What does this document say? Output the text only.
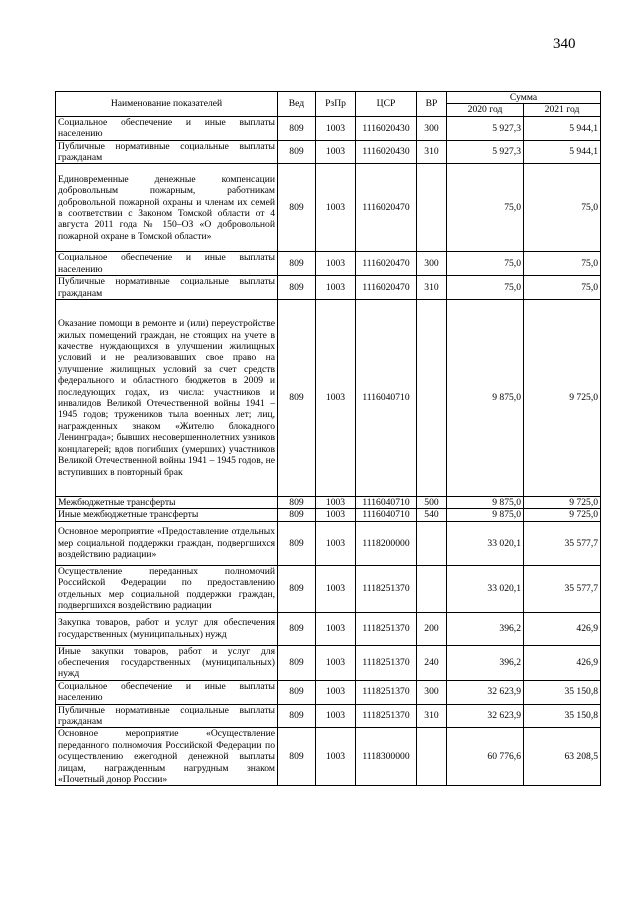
340
Наименование показателей	Вед	РзПр	ЦСР	ВР	Сумма	
					2020 год	2021 год
Социальное обеспечение и иные выплаты населению	809	1003	1116020430	300	5 927,3	5 944,1
Публичные нормативные социальные выплаты гражданам	809	1003	1116020430	310	5 927,3	5 944,1
Единовременные денежные компенсации добровольным пожарным, работникам добровольной пожарной охраны и членам их семей в соответствии с Законом Томской области от 4 августа 2011 года № 150–ОЗ «О добровольной пожарной охране в Томской области»	809	1003	1116020470		75,0	75,0
Социальное обеспечение и иные выплаты населению	809	1003	1116020470	300	75,0	75,0
Публичные нормативные социальные выплаты гражданам	809	1003	1116020470	310	75,0	75,0
Оказание помощи в ремонте и (или) переустройстве жилых помещений граждан, не стоящих на учете в качестве нуждающихся в улучшении жилищных условий и не реализовавших свое право на улучшение жилищных условий за счет средств федерального и областного бюджетов в 2009 и последующих годах, из числа: участников и инвалидов Великой Отечественной войны 1941 – 1945 годов; тружеников тыла военных лет; лиц, награжденных знаком «Жителю блокадного Ленинграда»; бывших несовершеннолетних узников концлагерей; вдов погибших (умерших) участников Великой Отечественной войны 1941 – 1945 годов, не вступивших в повторный брак	809	1003	1116040710		9 875,0	9 725,0
Межбюджетные трансферты	809	1003	1116040710	500	9 875,0	9 725,0
Иные межбюджетные трансферты	809	1003	1116040710	540	9 875,0	9 725,0
Основное мероприятие «Предоставление отдельных мер социальной поддержки граждан, подвергшихся воздействию радиации»	809	1003	1118200000		33 020,1	35 577,7
Осуществление переданных полномочий Российской Федерации по предоставлению отдельных мер социальной поддержки граждан, подвергшихся воздействию радиации	809	1003	1118251370		33 020,1	35 577,7
Закупка товаров, работ и услуг для обеспечения государственных (муниципальных) нужд	809	1003	1118251370	200	396,2	426,9
Иные закупки товаров, работ и услуг для обеспечения государственных (муниципальных) нужд	809	1003	1118251370	240	396,2	426,9
Социальное обеспечение и иные выплаты населению	809	1003	1118251370	300	32 623,9	35 150,8
Публичные нормативные социальные выплаты гражданам	809	1003	1118251370	310	32 623,9	35 150,8
Основное мероприятие «Осуществление переданного полномочия Российской Федерации по осуществлению ежегодной денежной выплаты лицам, награжденным нагрудным знаком «Почетный донор России»	809	1003	1118300000		60 776,6	63 208,5
